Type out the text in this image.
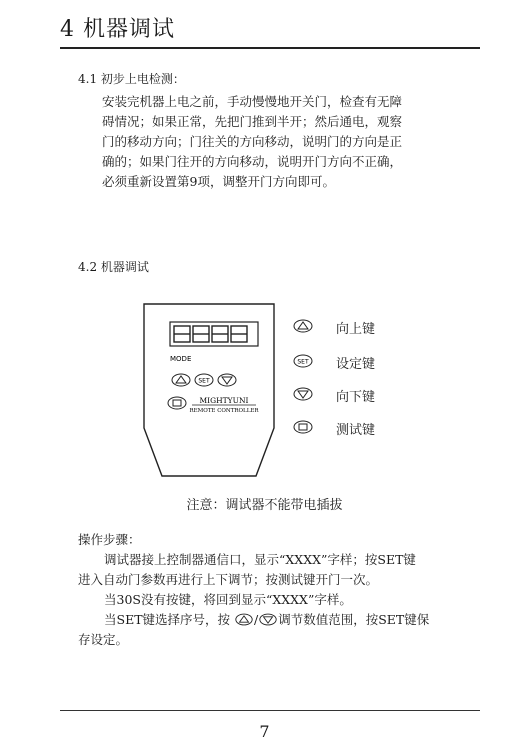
4 机器调试
4.1 初步上电检测：

安装完机器上电之前，手动慢慢地开关门，检查有无障

碍情况；如果正常，先把门推到半开；然后通电，观察

门的移动方向；门往关的方向移动，说明门的方向是正

确的；如果门往开的方向移动，说明开门方向不正确，

必须重新设置第9项，调整开门方向即可。

4.2 机器调试
MODE
SET
MIGHTYUNI
REMOTE CONTROLLER
向上键
SET 设定键
向下键
测试键
注意：调试器不能带电插拔

操作步骤：

调试器接上控制器通信口，显示“XXXX”字样；按SET键

进入自动门参数再进行上下调节；按测试键开门一次。

当30S没有按键，将回到显示“XXXX”字样。

当SET键选择序号，按 / 调节数值范围，按SET键保

存设定。

7
